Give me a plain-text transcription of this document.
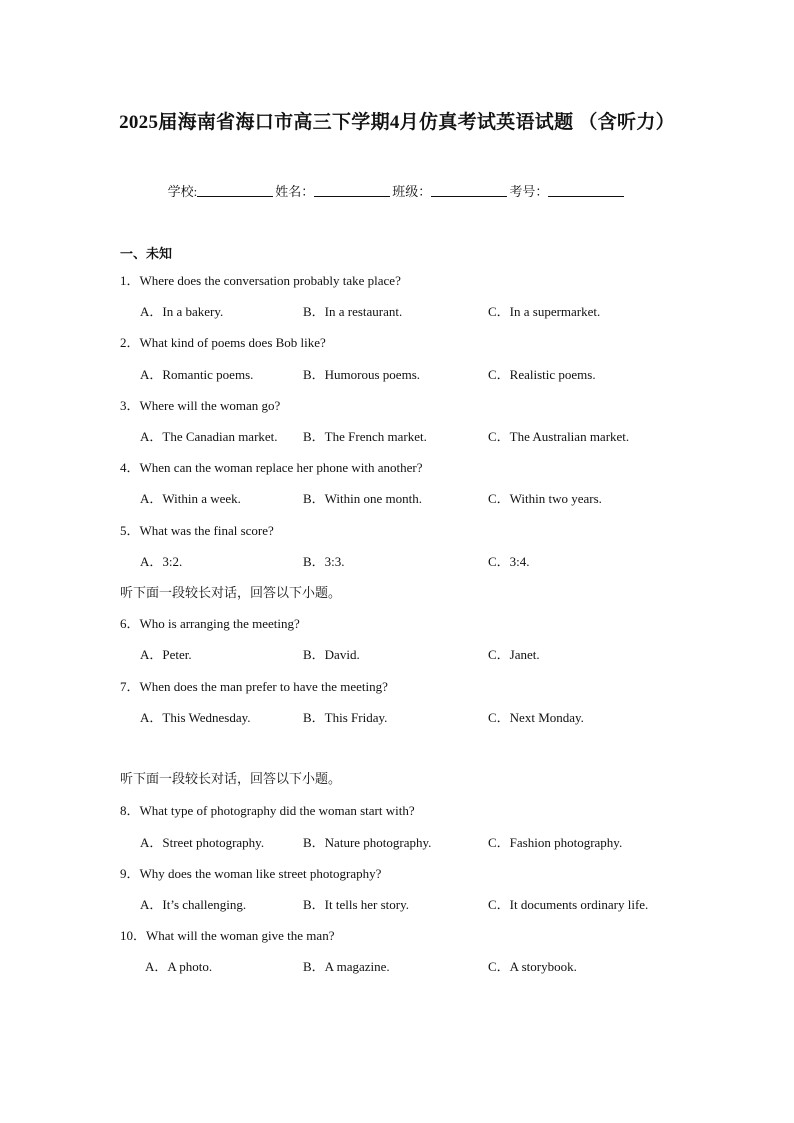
2025届海南省海口市高三下学期4月仿真考试英语试题 （含听力）
学校:	姓名：	班级：	考号：
一、未知
1．Where does the conversation probably take place?
A．In a bakery.	B．In a restaurant.	C．In a supermarket.
2．What kind of poems does Bob like?
A．Romantic poems.	B．Humorous poems.	C．Realistic poems.
3．Where will the woman go?
A．The Canadian market. B．The French market.	C．The Australian market.
4．When can the woman replace her phone with another?
A．Within a week.	B．Within one month.	C．Within two years.
5．What was the final score?
A．3:2.	B．3:3.	C．3:4.
听下面一段较长对话，回答以下小题。
6．Who is arranging the meeting?
A．Peter.	B．David.	C．Janet.
7．When does the man prefer to have the meeting?
A．This Wednesday.	B．This Friday.	C．Next Monday.
听下面一段较长对话，回答以下小题。
8．What type of photography did the woman start with?
A．Street photography.	B．Nature photography.	C．Fashion photography.
9．Why does the woman like street photography?
A．It’s challenging.	B．It tells her story.	C．It documents ordinary life.
10．What will the woman give the man?
A．A photo.	B．A magazine.	C．A storybook.
